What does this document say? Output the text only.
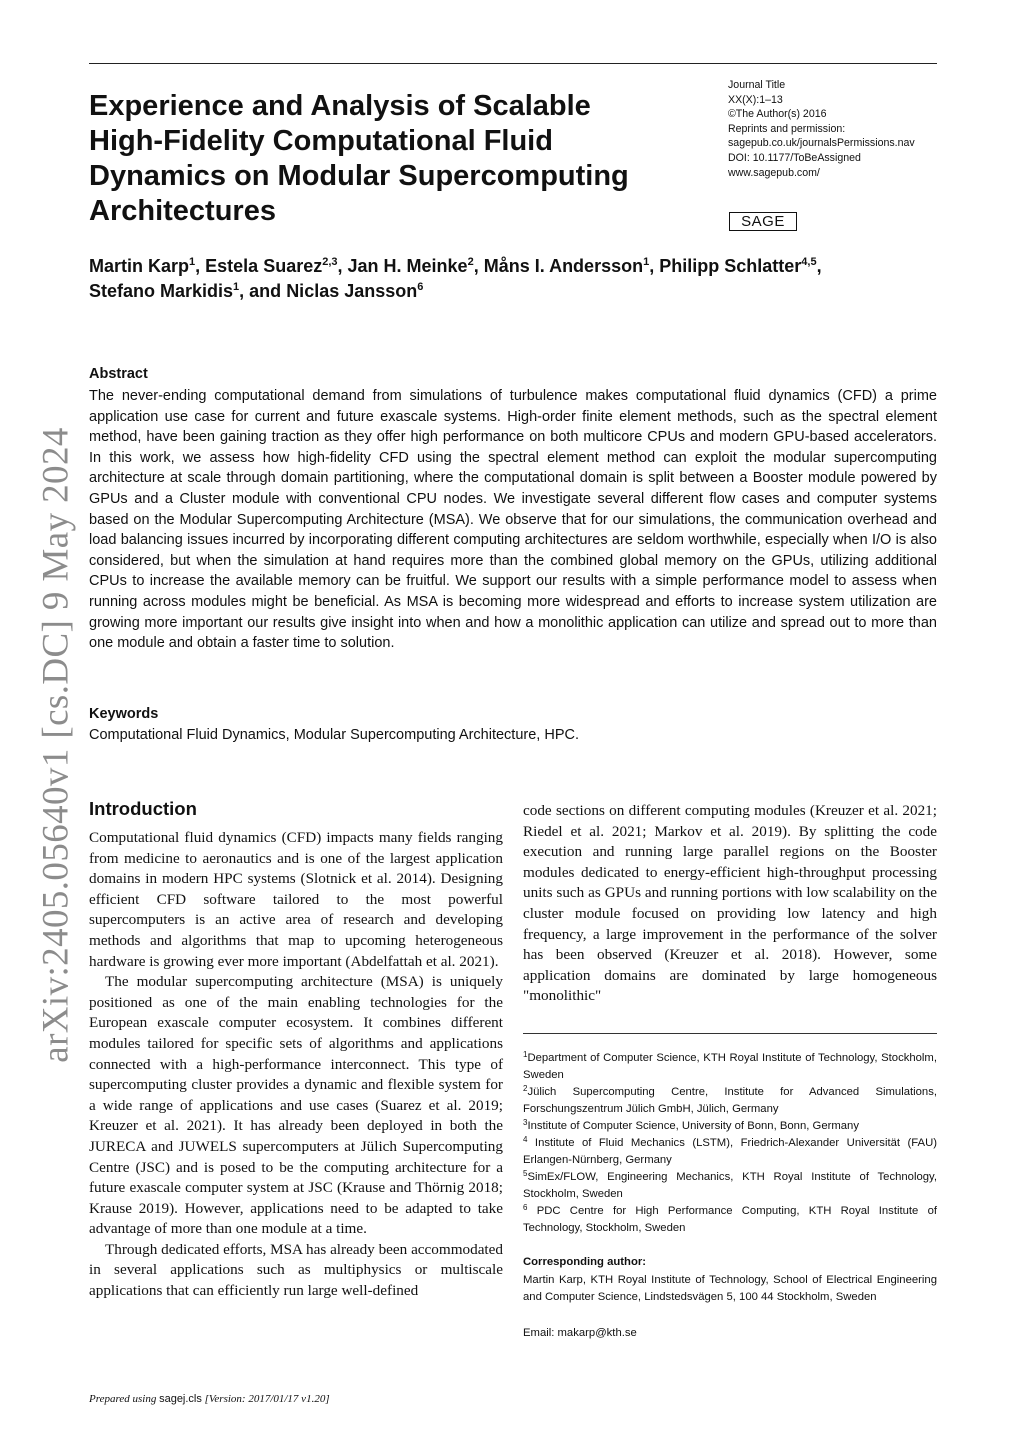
Experience and Analysis of Scalable
High-Fidelity Computational Fluid
Dynamics on Modular Supercomputing
Architectures
Journal Title
XX(X):1–13
©The Author(s) 2016
Reprints and permission:
sagepub.co.uk/journalsPermissions.nav
DOI: 10.1177/ToBeAssigned
www.sagepub.com/
SAGE
Martin Karp$^1$, Estela Suarez$^{2,3}$, Jan H. Meinke$^2$, Måns I. Andersson$^1$, Philipp Schlatter$^{4,5}$,
Stefano Markidis$^1$, and Niclas Jansson$^6$
arXiv:2405.05640v1 [cs.DC] 9 May 2024
Abstract

The never-ending computational demand from simulations of turbulence makes computational fluid dynamics (CFD) a prime application use case for current and future exascale systems. High-order finite element methods, such as the spectral element method, have been gaining traction as they offer high performance on both multicore CPUs and modern GPU-based accelerators. In this work, we assess how high-fidelity CFD using the spectral element method can exploit the modular supercomputing architecture at scale through domain partitioning, where the computational domain is split between a Booster module powered by GPUs and a Cluster module with conventional CPU nodes. We investigate several different flow cases and computer systems based on the Modular Supercomputing Architecture (MSA). We observe that for our simulations, the communication overhead and load balancing issues incurred by incorporating different computing architectures are seldom worthwhile, especially when I/O is also considered, but when the simulation at hand requires more than the combined global memory on the GPUs, utilizing additional CPUs to increase the available memory can be fruitful. We support our results with a simple performance model to assess when running across modules might be beneficial. As MSA is becoming more widespread and efforts to increase system utilization are growing more important our results give insight into when and how a monolithic application can utilize and spread out to more than one module and obtain a faster time to solution.

Keywords
Computational Fluid Dynamics, Modular Supercomputing Architecture, HPC.
Introduction

Computational fluid dynamics (CFD) impacts many fields ranging from medicine to aeronautics and is one of the largest application domains in modern HPC systems (Slotnick et al. 2014). Designing efficient CFD software tailored to the most powerful supercomputers is an active area of research and developing methods and algorithms that map to upcoming heterogeneous hardware is growing ever more important (Abdelfattah et al. 2021).

The modular supercomputing architecture (MSA) is uniquely positioned as one of the main enabling technologies for the European exascale computer ecosystem. It combines different modules tailored for specific sets of algorithms and applications connected with a high-performance interconnect. This type of supercomputing cluster provides a dynamic and flexible system for a wide range of applications and use cases (Suarez et al. 2019; Kreuzer et al. 2021). It has already been deployed in both the JURECA and JUWELS supercomputers at Jülich Supercomputing Centre (JSC) and is posed to be the computing architecture for a future exascale computer system at JSC (Krause and Thörnig 2018; Krause 2019). However, applications need to be adapted to take advantage of more than one module at a time.

Through dedicated efforts, MSA has already been accommodated in several applications such as multiphysics or multiscale applications that can efficiently run large well-defined

code sections on different computing modules (Kreuzer et al. 2021; Riedel et al. 2021; Markov et al. 2019). By splitting the code execution and running large parallel regions on the Booster modules dedicated to energy-efficient high-throughput processing units such as GPUs and running portions with low scalability on the cluster module focused on providing low latency and high frequency, a large improvement in the performance of the solver has been observed (Kreuzer et al. 2018). However, some application domains are dominated by large homogeneous "monolithic"

$^1$Department of Computer Science, KTH Royal Institute of Technology, Stockholm, Sweden

$^2$Jülich Supercomputing Centre, Institute for Advanced Simulations, Forschungszentrum Jülich GmbH, Jülich, Germany

$^3$Institute of Computer Science, University of Bonn, Bonn, Germany

$^4$ Institute of Fluid Mechanics (LSTM), Friedrich-Alexander Universität (FAU) Erlangen-Nürnberg, Germany

$^5$SimEx/FLOW, Engineering Mechanics, KTH Royal Institute of Technology, Stockholm, Sweden

$^6$ PDC Centre for High Performance Computing, KTH Royal Institute of Technology, Stockholm, Sweden

Corresponding author:

Martin Karp, KTH Royal Institute of Technology, School of Electrical Engineering and Computer Science, Lindstedsvägen 5, 100 44 Stockholm, Sweden

Email: makarp@kth.se
Prepared using sagej.cls [Version: 2017/01/17 v1.20]
